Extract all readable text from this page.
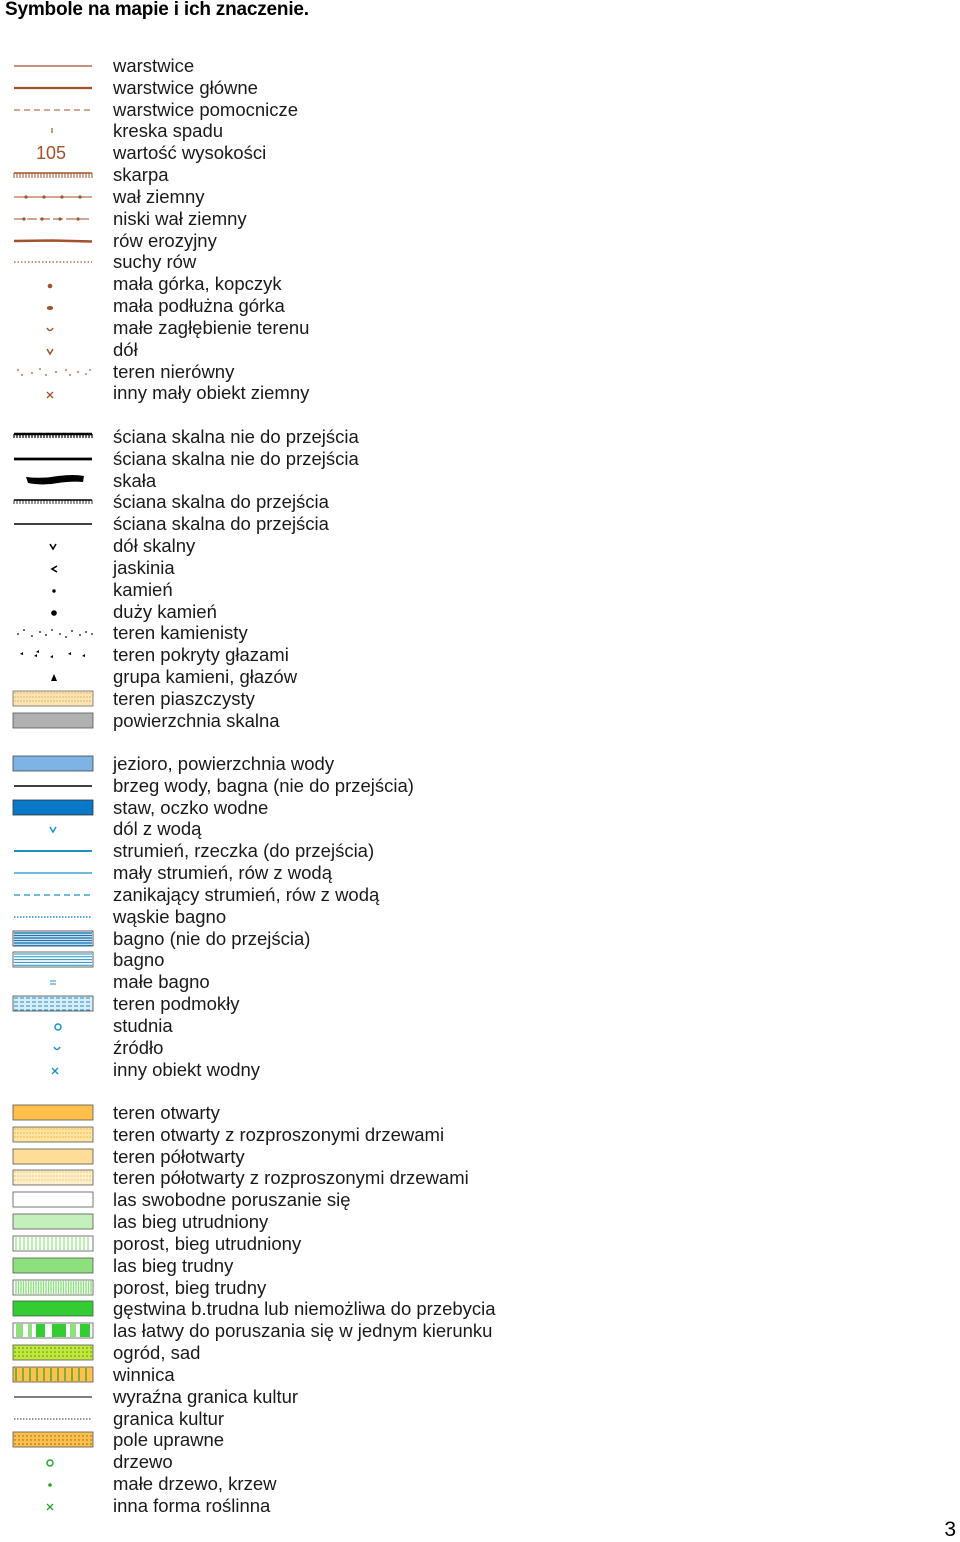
Symbole na mapie i ich znaczenie.
warstwice
warstwice główne
warstwice pomocnicze
kreska spadu
105	wartość wysokości
skarpa
wał ziemny
niski wał ziemny
rów erozyjny
suchy rów
mała górka, kopczyk
mała podłużna górka
małe zagłębienie terenu
dół
teren nierówny
inny mały obiekt ziemny
ściana skalna nie do przejścia
ściana skalna nie do przejścia
skała
ściana skalna do przejścia
ściana skalna do przejścia
dół skalny
jaskinia
kamień
duży kamień
teren kamienisty
teren pokryty głazami
grupa kamieni, głazów
teren piaszczysty
powierzchnia skalna
jezioro, powierzchnia wody
brzeg wody, bagna (nie do przejścia)
staw, oczko wodne
dól z wodą
strumień, rzeczka (do przejścia)
mały strumień, rów z wodą
zanikający strumień, rów z wodą
wąskie bagno
bagno (nie do przejścia)
bagno
małe bagno
teren podmokły
studnia
źródło
inny obiekt wodny
teren otwarty
teren otwarty z rozproszonymi drzewami
teren półotwarty
teren półotwarty z rozproszonymi drzewami
las swobodne poruszanie się
las bieg utrudniony
porost, bieg utrudniony
las bieg trudny
porost, bieg trudny
gęstwina b.trudna lub niemożliwa do przebycia
las łatwy do poruszania się w jednym kierunku
ogród, sad
winnica
wyraźna granica kultur
granica kultur
pole uprawne
drzewo
małe drzewo, krzew
inna forma roślinna
3
